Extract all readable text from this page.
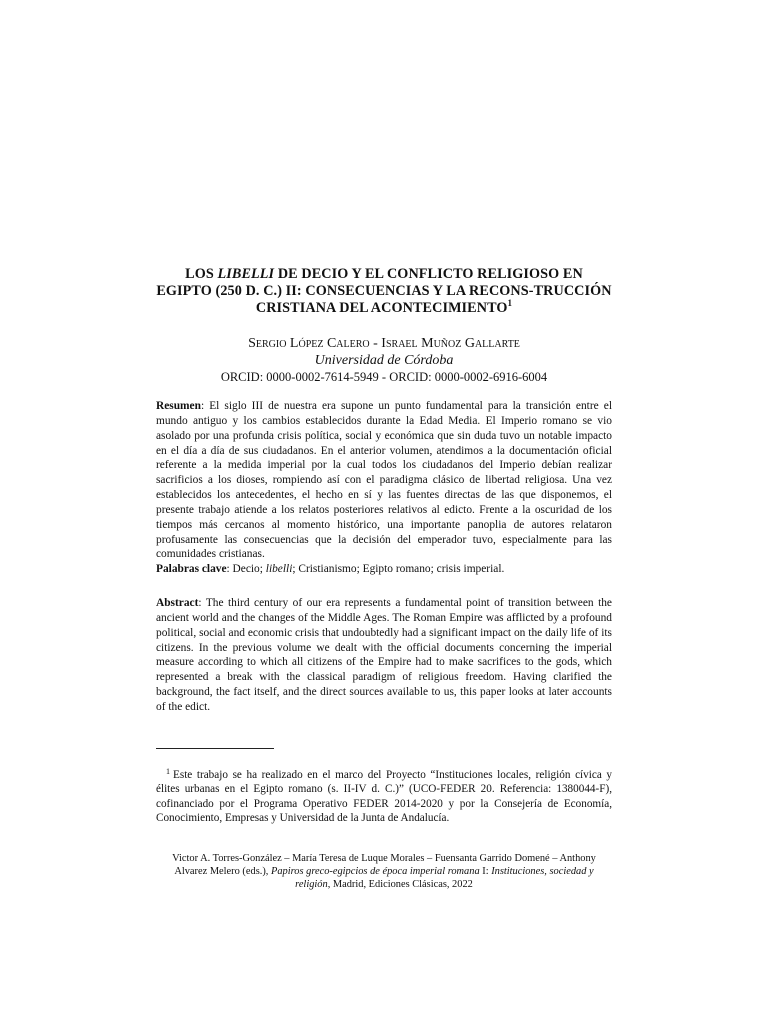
LOS LIBELLI DE DECIO Y EL CONFLICTO RELIGIOSO EN EGIPTO (250 D. C.) II: CONSECUENCIAS Y LA RECONS-TRUCCIÓN CRISTIANA DEL ACONTECIMIENTO$^1$
Sergio López Calero - Israel Muñoz Gallarte
Universidad de Córdoba
ORCID: 0000-0002-7614-5949 - ORCID: 0000-0002-6916-6004

Resumen: El siglo III de nuestra era supone un punto fundamental para la transición entre el mundo antiguo y los cambios establecidos durante la Edad Media. El Imperio romano se vio asolado por una profunda crisis política, social y económica que sin duda tuvo un notable impacto en el día a día de sus ciudadanos. En el anterior volumen, atendimos a la documentación oficial referente a la medida imperial por la cual todos los ciudadanos del Imperio debían realizar sacrificios a los dioses, rompiendo así con el paradigma clásico de libertad religiosa. Una vez establecidos los antecedentes, el hecho en sí y las fuentes directas de las que disponemos, el presente trabajo atiende a los relatos posteriores relativos al edicto. Frente a la oscuridad de los tiempos más cercanos al momento histórico, una importante panoplia de autores relataron profusamente las consecuencias que la decisión del emperador tuvo, especialmente para las comunidades cristianas.

Palabras clave: Decio; libelli; Cristianismo; Egipto romano; crisis imperial.

Abstract: The third century of our era represents a fundamental point of transition between the ancient world and the changes of the Middle Ages. The Roman Empire was afflicted by a profound political, social and economic crisis that undoubtedly had a significant impact on the daily life of its citizens. In the previous volume we dealt with the official documents concerning the imperial measure according to which all citizens of the Empire had to make sacrifices to the gods, which represented a break with the classical paradigm of religious freedom. Having clarified the background, the fact itself, and the direct sources available to us, this paper looks at later accounts of the edict.

$^1$ Este trabajo se ha realizado en el marco del Proyecto “Instituciones locales, religión cívica y élites urbanas en el Egipto romano (s. II-IV d. C.)” (UCO-FEDER 20. Referencia: 1380044-F), cofinanciado por el Programa Operativo FEDER 2014-2020 y por la Consejería de Economía, Conocimiento, Empresas y Universidad de la Junta de Andalucía.
Victor A. Torres-González – María Teresa de Luque Morales – Fuensanta Garrido Domené – Anthony Alvarez Melero (eds.), Papiros greco-egipcios de época imperial romana I: Instituciones, sociedad y religión, Madrid, Ediciones Clásicas, 2022
